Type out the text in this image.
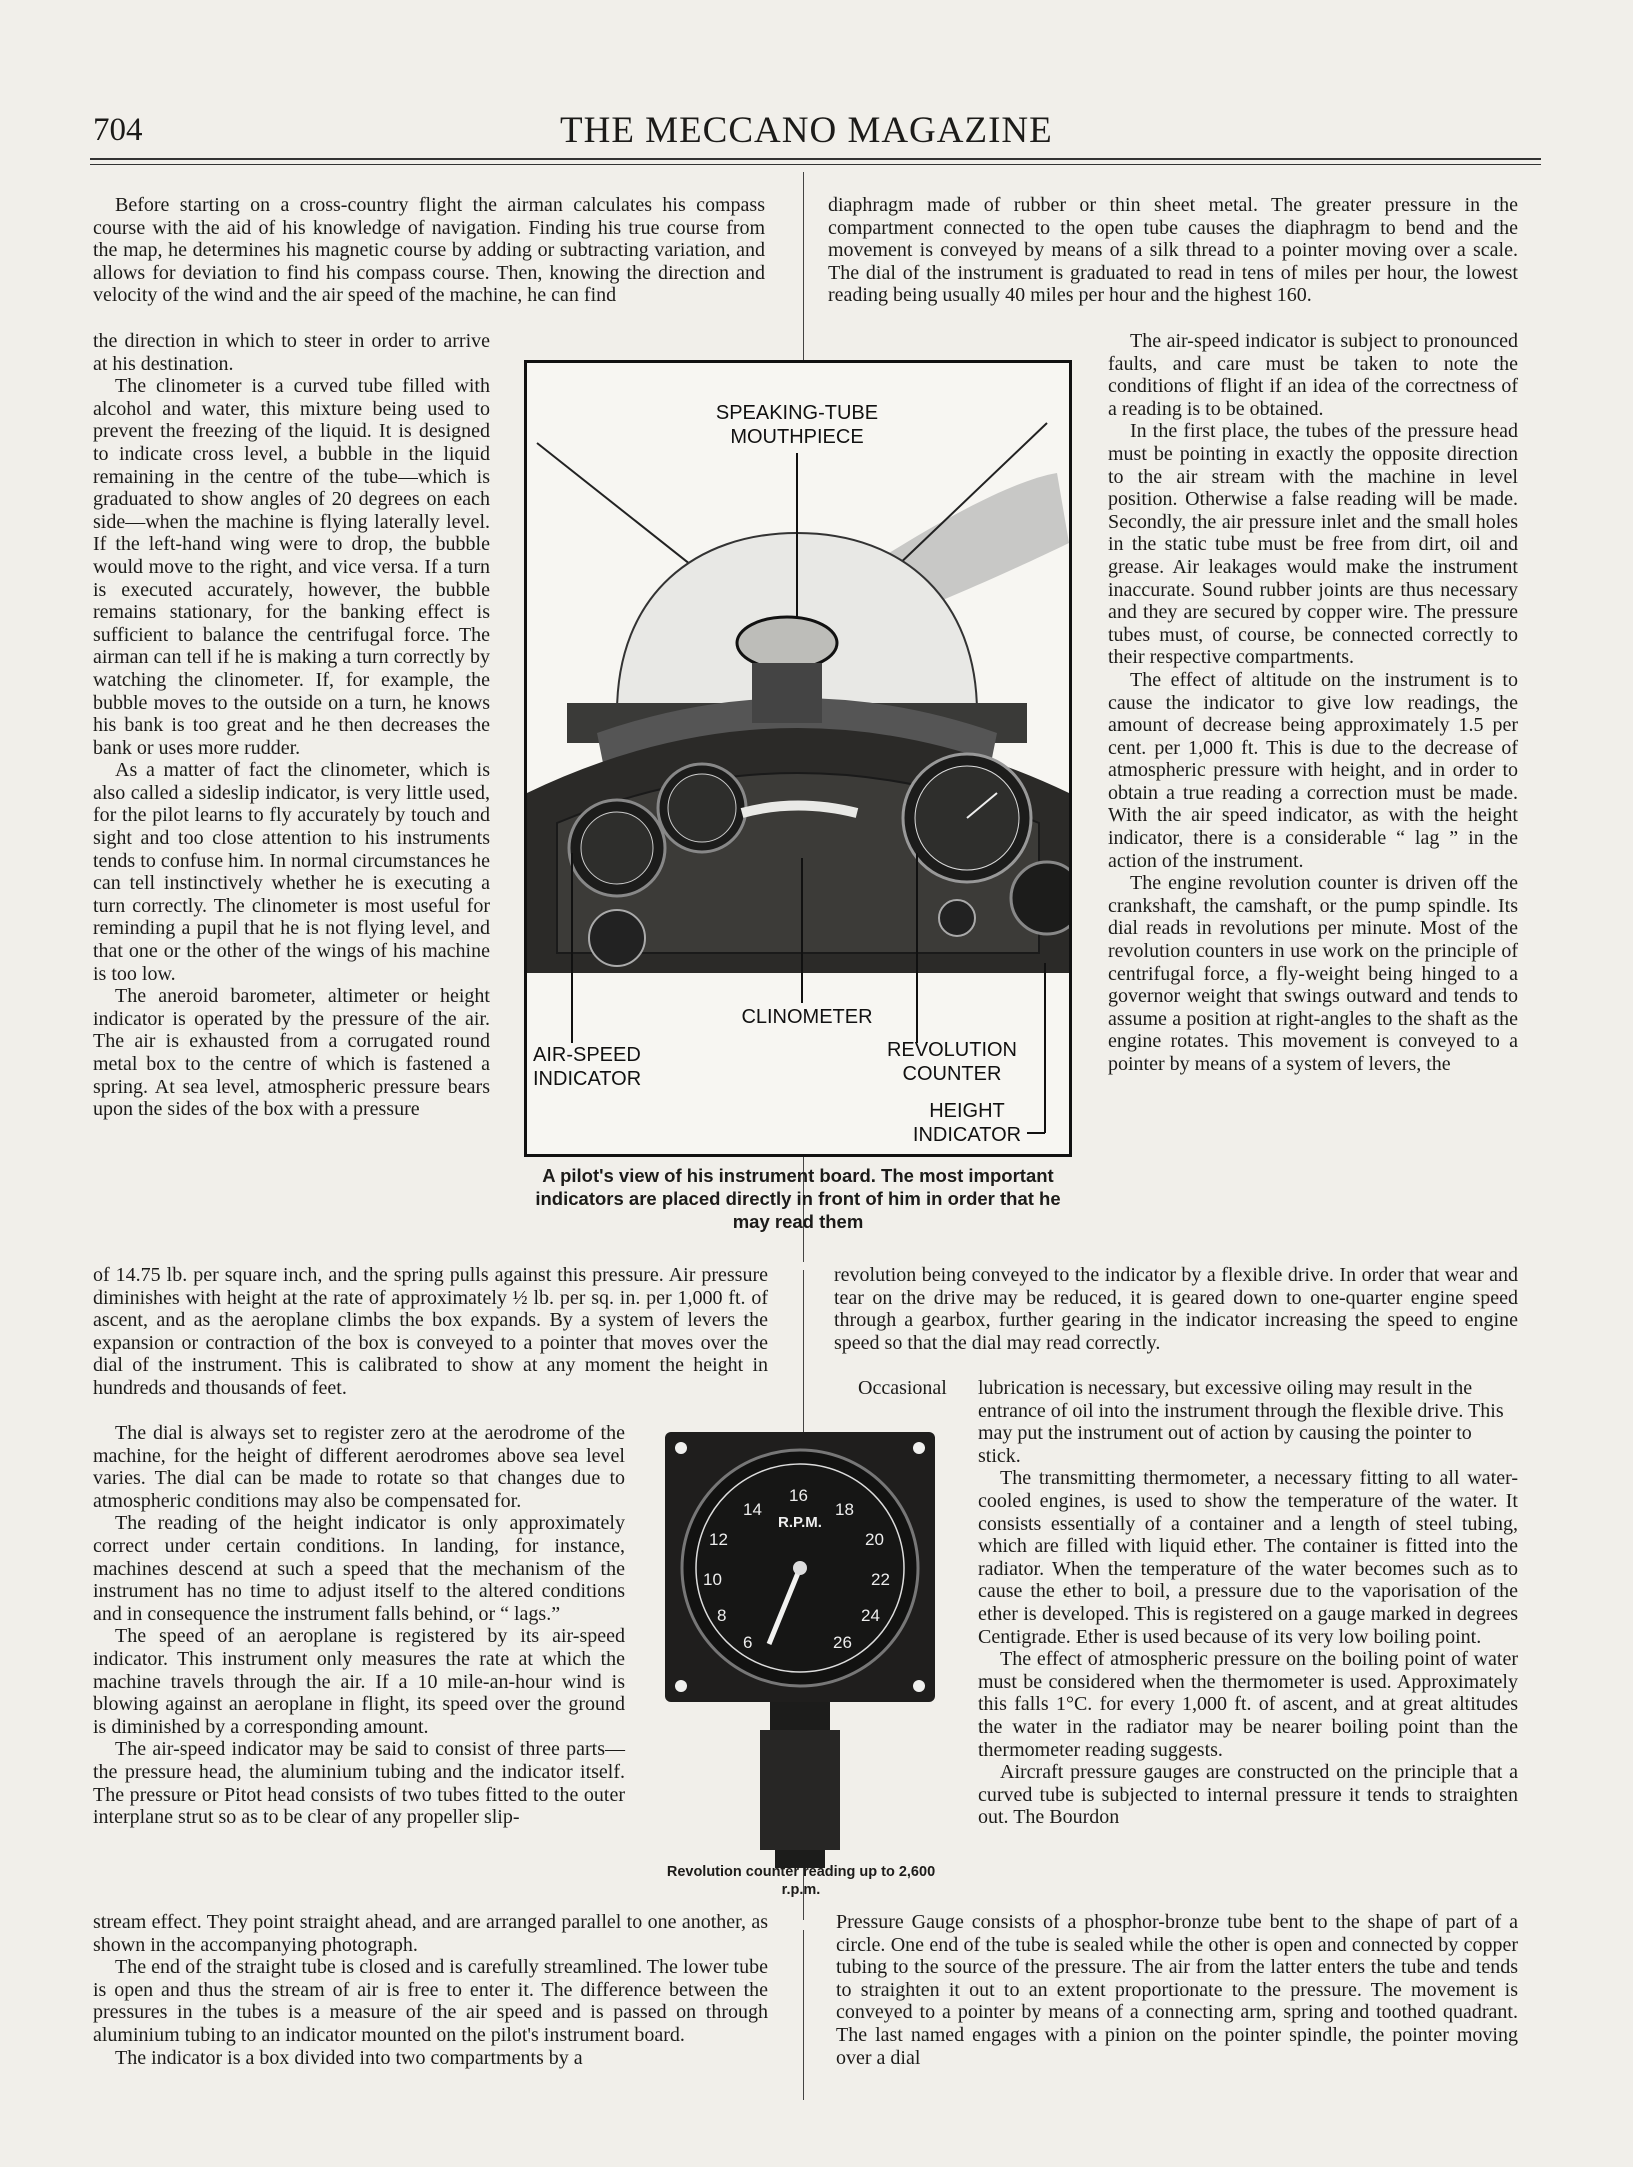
704	THE MECCANO MAGAZINE

Before starting on a cross-country flight the airman calculates his compass course with the aid of his knowledge of navigation. Finding his true course from the map, he determines his magnetic course by adding or subtracting variation, and allows for deviation to find his compass course. Then, knowing the direction and velocity of the wind and the air speed of the machine, he can find

the direction in which to steer in order to arrive at his destination.

The clinometer is a curved tube filled with alcohol and water, this mixture being used to prevent the freezing of the liquid. It is designed to indicate cross level, a bubble in the liquid remaining in the centre of the tube—which is graduated to show angles of 20 degrees on each side—when the machine is flying laterally level. If the left-hand wing were to drop, the bubble would move to the right, and vice versa. If a turn is executed accurately, however, the bubble remains stationary, for the banking effect is sufficient to balance the centrifugal force. The airman can tell if he is making a turn correctly by watching the clinometer. If, for example, the bubble moves to the outside on a turn, he knows his bank is too great and he then decreases the bank or uses more rudder.

As a matter of fact the clinometer, which is also called a sideslip indicator, is very little used, for the pilot learns to fly accurately by touch and sight and too close attention to his instruments tends to confuse him. In normal circumstances he can tell instinctively whether he is executing a turn correctly. The clinometer is most useful for reminding a pupil that he is not flying level, and that one or the other of the wings of his machine is too low.

The aneroid barometer, altimeter or height indicator is operated by the pressure of the air. The air is exhausted from a corrugated round metal box to the centre of which is fastened a spring. At sea level, atmospheric pressure bears upon the sides of the box with a pressure

of 14.75 lb. per square inch, and the spring pulls against this pressure. Air pressure diminishes with height at the rate of approximately ½ lb. per sq. in. per 1,000 ft. of ascent, and as the aeroplane climbs the box expands. By a system of levers the expansion or contraction of the box is conveyed to a pointer that moves over the dial of the instrument. This is calibrated to show at any moment the height in hundreds and thousands of feet.

The dial is always set to register zero at the aerodrome of the machine, for the height of different aerodromes above sea level varies. The dial can be made to rotate so that changes due to atmospheric conditions may also be compensated for.

The reading of the height indicator is only approximately correct under certain conditions. In landing, for instance, machines descend at such a speed that the mechanism of the instrument has no time to adjust itself to the altered conditions and in consequence the instrument falls behind, or “ lags.”

The speed of an aeroplane is registered by its air-speed indicator. This instrument only measures the rate at which the machine travels through the air. If a 10 mile-an-hour wind is blowing against an aeroplane in flight, its speed over the ground is diminished by a corresponding amount.

The air-speed indicator may be said to consist of three parts—the pressure head, the aluminium tubing and the indicator itself. The pressure or Pitot head consists of two tubes fitted to the outer interplane strut so as to be clear of any propeller slip-

stream effect. They point straight ahead, and are arranged parallel to one another, as shown in the accompanying photograph.

The end of the straight tube is closed and is carefully streamlined. The lower tube is open and thus the stream of air is free to enter it. The difference between the pressures in the tubes is a measure of the air speed and is passed on through aluminium tubing to an indicator mounted on the pilot's instrument board.

The indicator is a box divided into two compartments by a

diaphragm made of rubber or thin sheet metal. The greater pressure in the compartment connected to the open tube causes the diaphragm to bend and the movement is conveyed by means of a silk thread to a pointer moving over a scale. The dial of the instrument is graduated to read in tens of miles per hour, the lowest reading being usually 40 miles per hour and the highest 160.

The air-speed indicator is subject to pronounced faults, and care must be taken to note the conditions of flight if an idea of the correctness of a reading is to be obtained.

In the first place, the tubes of the pressure head must be pointing in exactly the opposite direction to the air stream with the machine in level position. Otherwise a false reading will be made. Secondly, the air pressure inlet and the small holes in the static tube must be free from dirt, oil and grease. Air leakages would make the instrument inaccurate. Sound rubber joints are thus necessary and they are secured by copper wire. The pressure tubes must, of course, be connected correctly to their respective compartments.

The effect of altitude on the instrument is to cause the indicator to give low readings, the amount of decrease being approximately 1.5 per cent. per 1,000 ft. This is due to the decrease of atmospheric pressure with height, and in order to obtain a true reading a correction must be made. With the air speed indicator, as with the height indicator, there is a considerable “ lag ” in the action of the instrument.

The engine revolution counter is driven off the crankshaft, the camshaft, or the pump spindle. Its dial reads in revolutions per minute. Most of the revolution counters in use work on the principle of centrifugal force, a fly-weight being hinged to a governor weight that swings outward and tends to assume a position at right-angles to the shaft as the engine rotates. This movement is conveyed to a pointer by means of a system of levers, the

revolution being conveyed to the indicator by a flexible drive. In order that wear and tear on the drive may be reduced, it is geared down to one-quarter engine speed through a gearbox, further gearing in the indicator increasing the speed to engine speed so that the dial may read correctly.

Occasional	lubrication is necessary, but excessive oiling may result in the entrance of oil into the instrument through the flexible drive. This may put the instrument out of action by causing the pointer to stick.

The transmitting thermometer, a necessary fitting to all water-cooled engines, is used to show the temperature of the water. It consists essentially of a container and a length of steel tubing, which are filled with liquid ether. The container is fitted into the radiator. When the temperature of the water becomes such as to cause the ether to boil, a pressure due to the vaporisation of the ether is developed. This is registered on a gauge marked in degrees Centigrade. Ether is used because of its very low boiling point.

The effect of atmospheric pressure on the boiling point of water must be considered when the thermometer is used. Approximately this falls 1°C. for every 1,000 ft. of ascent, and at great altitudes the water in the radiator may be nearer boiling point than the thermometer reading suggests.

Aircraft pressure gauges are constructed on the principle that a curved tube is subjected to internal pressure it tends to straighten out. The Bourdon

Pressure Gauge consists of a phosphor-bronze tube bent to the shape of part of a circle. One end of the tube is sealed while the other is open and connected by copper tubing to the source of the pressure. The air from the latter enters the tube and tends to straighten it out to an extent proportionate to the pressure. The movement is conveyed to a pointer by means of a connecting arm, spring and toothed quadrant. The last named engages with a pinion on the pointer spindle, the pointer moving over a dial

SPEAKING-TUBE
MOUTHPIECE
CLINOMETER
AIR-SPEED
INDICATOR
REVOLUTION
COUNTER
HEIGHT
INDICATOR
A pilot's view of his instrument board. The most important indicators are placed directly in front of him in order that he may read them
R.P.M.
6
8
10
12
14
16
18
20
22
24
26
Revolution counter reading up to 2,600 r.p.m.
